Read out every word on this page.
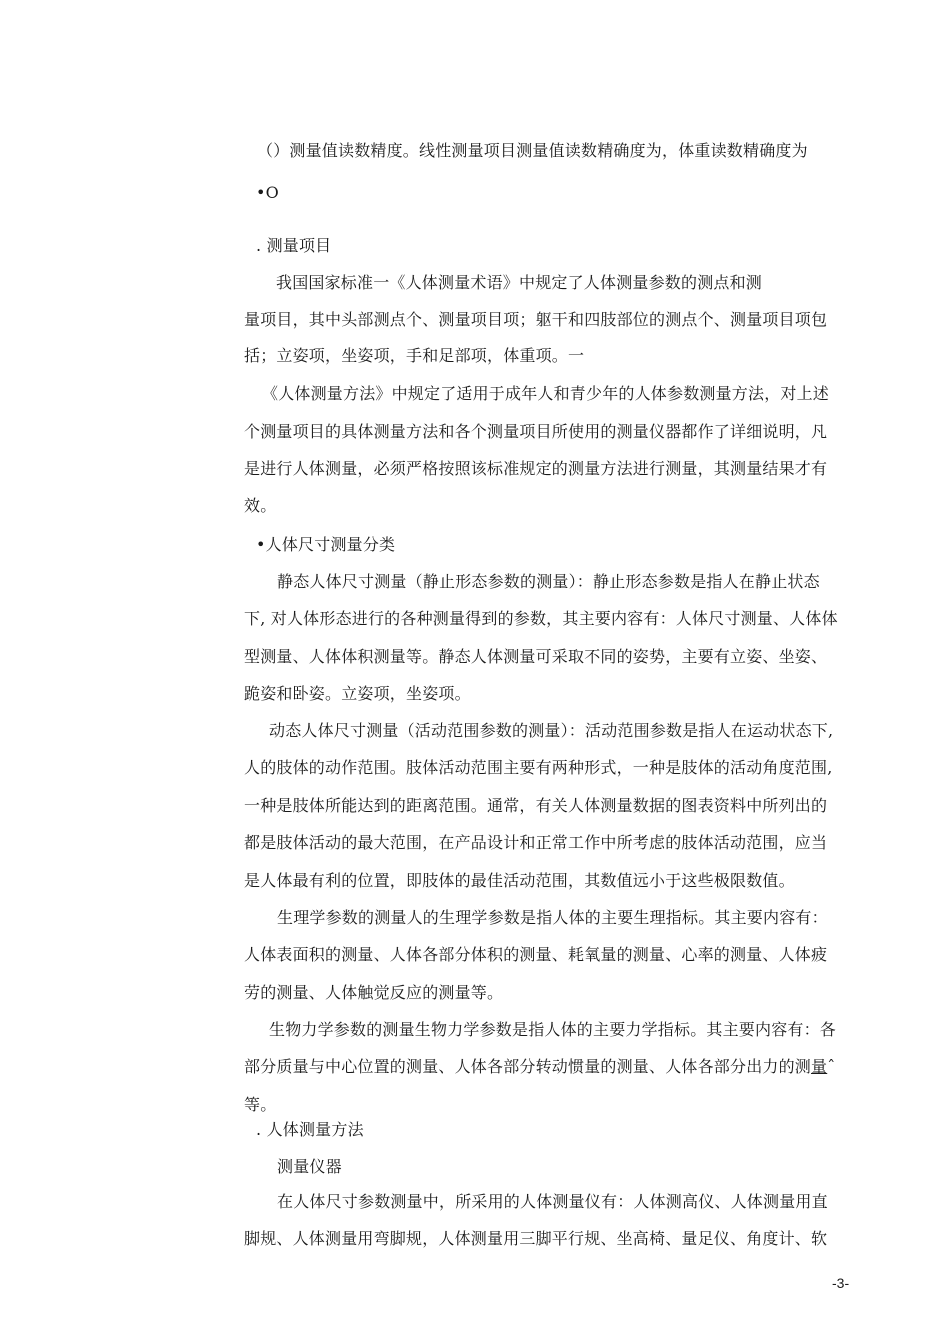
（）测量值读数精度。线性测量项目测量值读数精确度为，体重读数精确度为
•O
. 测量项目
我国国家标准一《人体测量术语》中规定了人体测量参数的测点和测
量项目，其中头部测点个、测量项目项；躯干和四肢部位的测点个、测量项目项包
括；立姿项，坐姿项，手和足部项，体重项。一
《人体测量方法》中规定了适用于成年人和青少年的人体参数测量方法，对上述
个测量项目的具体测量方法和各个测量项目所使用的测量仪器都作了详细说明，凡
是进行人体测量，必须严格按照该标准规定的测量方法进行测量，其测量结果才有
效。
•人体尺寸测量分类
静态人体尺寸测量（静止形态参数的测量）：静止形态参数是指人在静止状态
下, 对人体形态进行的各种测量得到的参数，其主要内容有：人体尺寸测量、人体体
型测量、人体体积测量等。静态人体测量可采取不同的姿势，主要有立姿、坐姿、
跪姿和卧姿。立姿项，坐姿项。
动态人体尺寸测量（活动范围参数的测量）：活动范围参数是指人在运动状态下,
人的肢体的动作范围。肢体活动范围主要有两种形式，一种是肢体的活动角度范围,
一种是肢体所能达到的距离范围。通常，有关人体测量数据的图表资料中所列出的
都是肢体活动的最大范围，在产品设计和正常工作中所考虑的肢体活动范围，应当
是人体最有利的位置，即肢体的最佳活动范围，其数值远小于这些极限数值。
生理学参数的测量人的生理学参数是指人体的主要生理指标。其主要内容有：
人体表面积的测量、人体各部分体积的测量、耗氧量的测量、心率的测量、人体疲
劳的测量、人体触觉反应的测量等。
生物力学参数的测量生物力学参数是指人体的主要力学指标。其主要内容有：各
部分质量与中心位置的测量、人体各部分转动惯量的测量、人体各部分出力的测量ˆ
等。
. 人体测量方法
测量仪器
在人体尺寸参数测量中，所采用的人体测量仪有：人体测高仪、人体测量用直
脚规、人体测量用弯脚规，人体测量用三脚平行规、坐高椅、量足仪、角度计、软
-3-
